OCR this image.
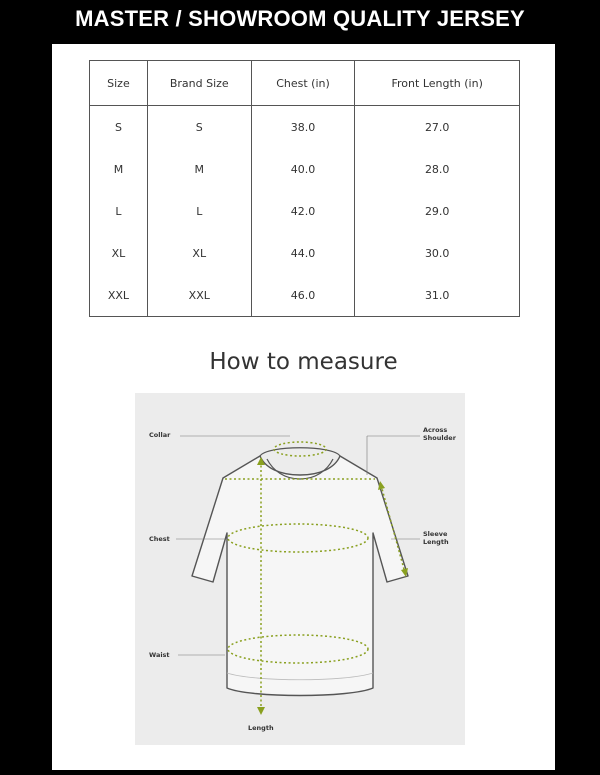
MASTER / SHOWROOM QUALITY JERSEY
Size	Brand Size	Chest (in)	Front Length (in)
S	S	38.0	27.0
M	M	40.0	28.0
L	L	42.0	29.0
XL	XL	44.0	30.0
XXL	XXL	46.0	31.0
How to measure
Collar
Across
Shoulder
Chest
Sleeve
Length
Waist
Length
